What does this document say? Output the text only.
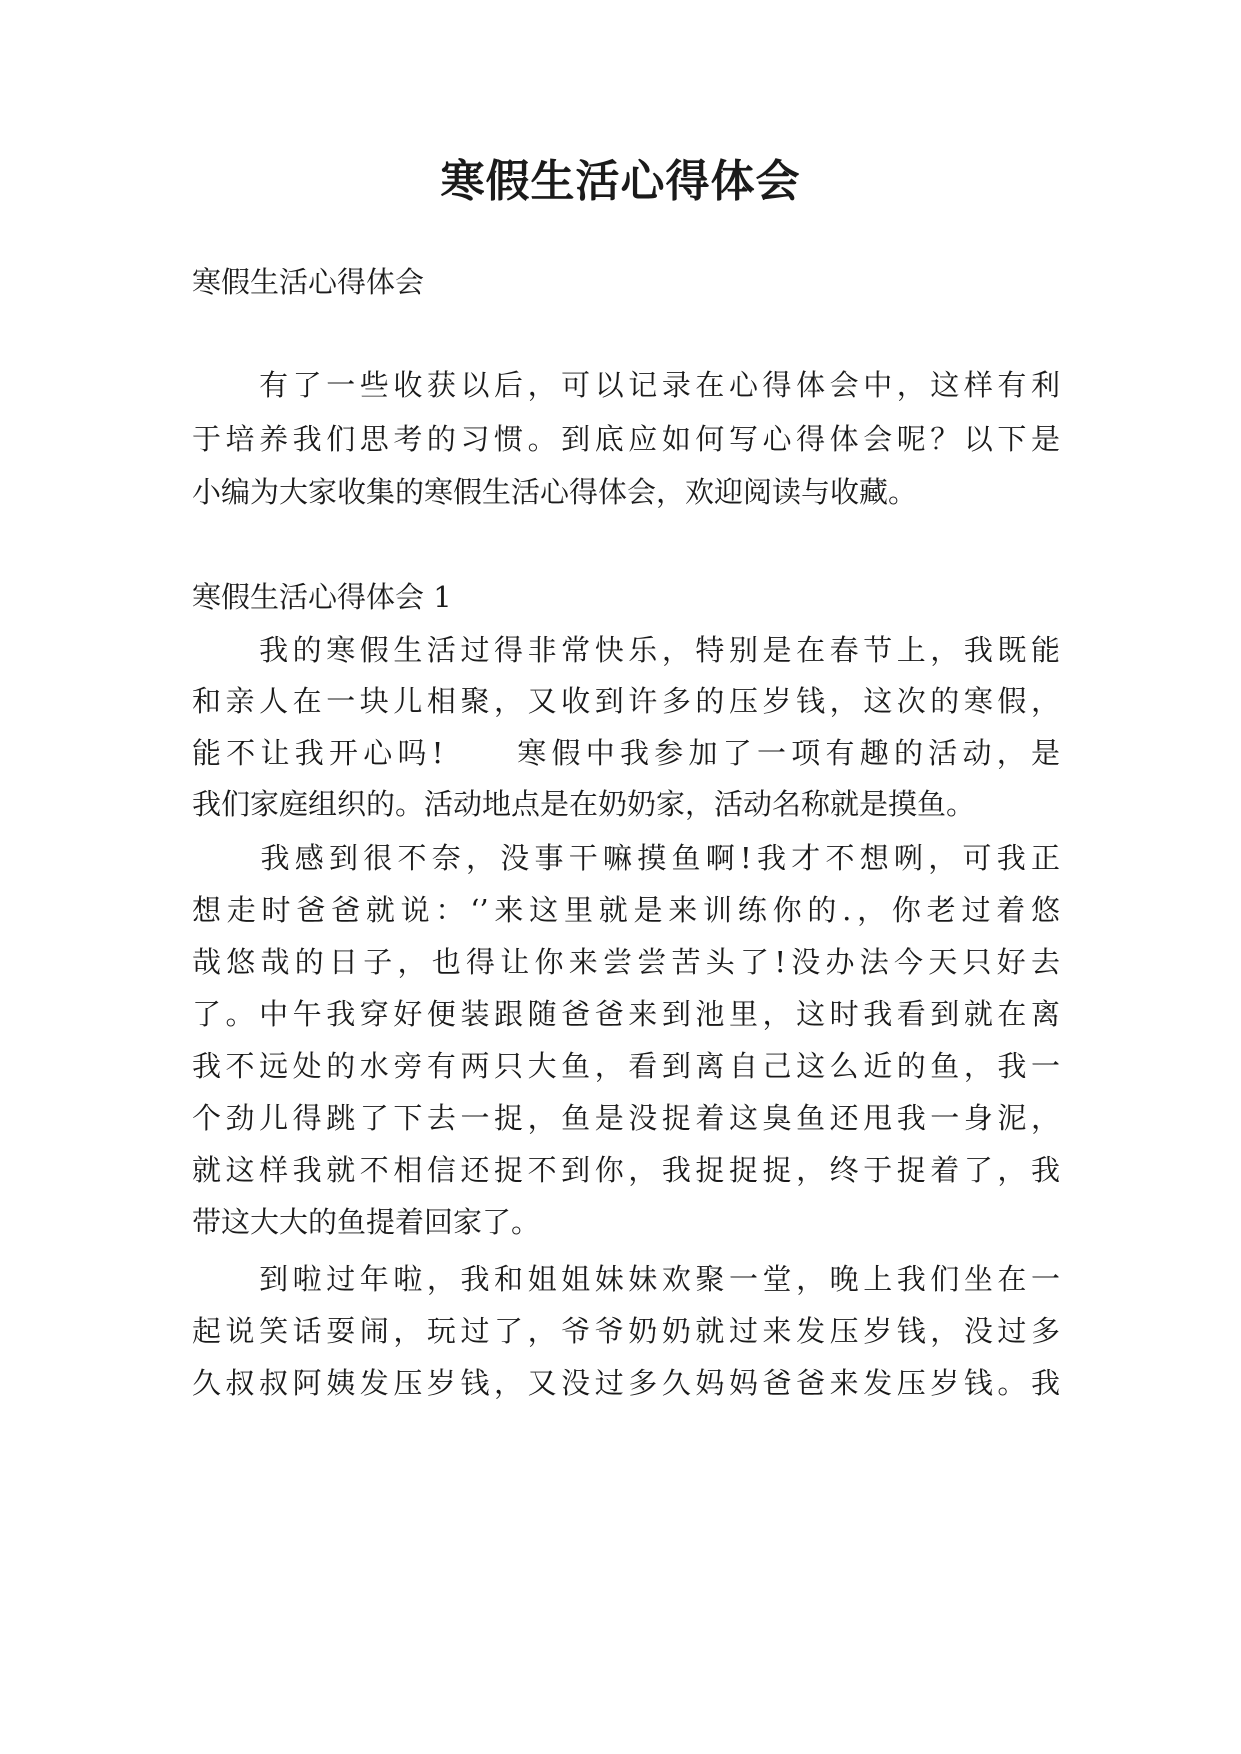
寒假生活心得体会

寒假生活心得体会

　　有了一些收获以后，可以记录在心得体会中，这样有利

于培养我们思考的习惯。到底应如何写心得体会呢？以下是

小编为大家收集的寒假生活心得体会，欢迎阅读与收藏。

寒假生活心得体会 1

　　我的寒假生活过得非常快乐，特别是在春节上，我既能

和亲人在一块儿相聚，又收到许多的压岁钱，这次的寒假，

能不让我开心吗!　　寒假中我参加了一项有趣的活动，是

我们家庭组织的。活动地点是在奶奶家，活动名称就是摸鱼。

　　我感到很不奈，没事干嘛摸鱼啊!我才不想咧，可我正

想走时爸爸就说：‘’来这里就是来训练你的.，你老过着悠

哉悠哉的日子，也得让你来尝尝苦头了!没办法今天只好去

了。中午我穿好便装跟随爸爸来到池里，这时我看到就在离

我不远处的水旁有两只大鱼，看到离自己这么近的鱼，我一

个劲儿得跳了下去一捉，鱼是没捉着这臭鱼还甩我一身泥，

就这样我就不相信还捉不到你，我捉捉捉，终于捉着了，我

带这大大的鱼提着回家了。

　　到啦过年啦，我和姐姐妹妹欢聚一堂，晚上我们坐在一

起说笑话耍闹，玩过了，爷爷奶奶就过来发压岁钱，没过多

久叔叔阿姨发压岁钱，又没过多久妈妈爸爸来发压岁钱。我
